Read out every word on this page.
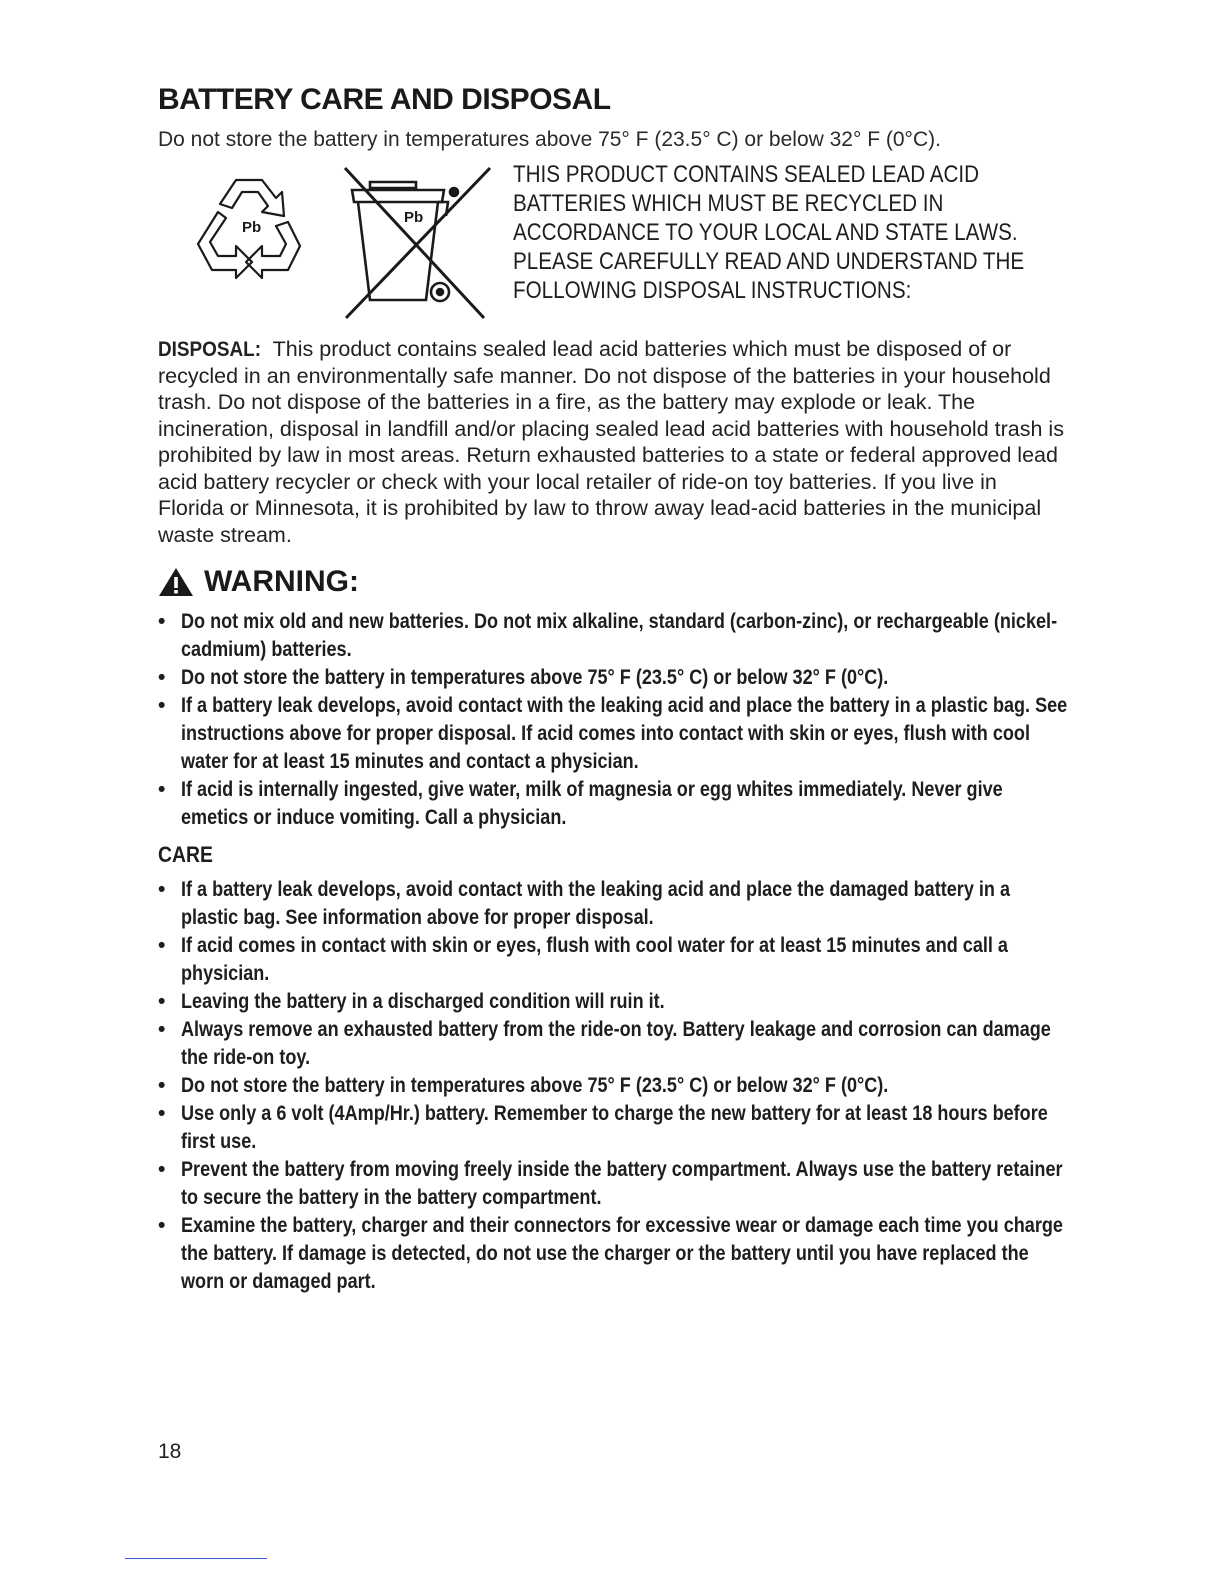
BATTERY CARE AND DISPOSAL

Do not store the battery in temperatures above 75° F (23.5° C) or below 32° F (0°C).

Pb
Pb
THIS PRODUCT CONTAINS SEALED LEAD ACID
BATTERIES WHICH MUST BE RECYCLED IN
ACCORDANCE TO YOUR LOCAL AND STATE LAWS.
PLEASE CAREFULLY READ AND UNDERSTAND THE
FOLLOWING DISPOSAL INSTRUCTIONS:

DISPOSAL: This product contains sealed lead acid batteries which must be disposed of or recycled in an environmentally safe manner. Do not dispose of the batteries in your household trash. Do not dispose of the batteries in a fire, as the battery may explode or leak. The incineration, disposal in landfill and/or placing sealed lead acid batteries with household trash is prohibited by law in most areas. Return exhausted batteries to a state or federal approved lead acid battery recycler or check with your local retailer of ride-on toy batteries. If you live in Florida or Minnesota, it is prohibited by law to throw away lead-acid batteries in the municipal waste stream.

WARNING:
• Do not mix old and new batteries. Do not mix alkaline, standard (carbon-zinc), or rechargeable (nickel-cadmium) batteries.
• Do not store the battery in temperatures above 75° F (23.5° C) or below 32° F (0°C).
• If a battery leak develops, avoid contact with the leaking acid and place the battery in a plastic bag. See instructions above for proper disposal. If acid comes into contact with skin or eyes, flush with cool water for at least 15 minutes and contact a physician.
• If acid is internally ingested, give water, milk of magnesia or egg whites immediately. Never give emetics or induce vomiting. Call a physician.
CARE
• If a battery leak develops, avoid contact with the leaking acid and place the damaged battery in a plastic bag. See information above for proper disposal.
• If acid comes in contact with skin or eyes, flush with cool water for at least 15 minutes and call a physician.
• Leaving the battery in a discharged condition will ruin it.
• Always remove an exhausted battery from the ride-on toy. Battery leakage and corrosion can damage the ride-on toy.
• Do not store the battery in temperatures above 75° F (23.5° C) or below 32° F (0°C).
• Use only a 6 volt (4Amp/Hr.) battery. Remember to charge the new battery for at least 18 hours before first use.
• Prevent the battery from moving freely inside the battery compartment. Always use the battery retainer to secure the battery in the battery compartment.
• Examine the battery, charger and their connectors for excessive wear or damage each time you charge the battery. If damage is detected, do not use the charger or the battery until you have replaced the worn or damaged part.
18
